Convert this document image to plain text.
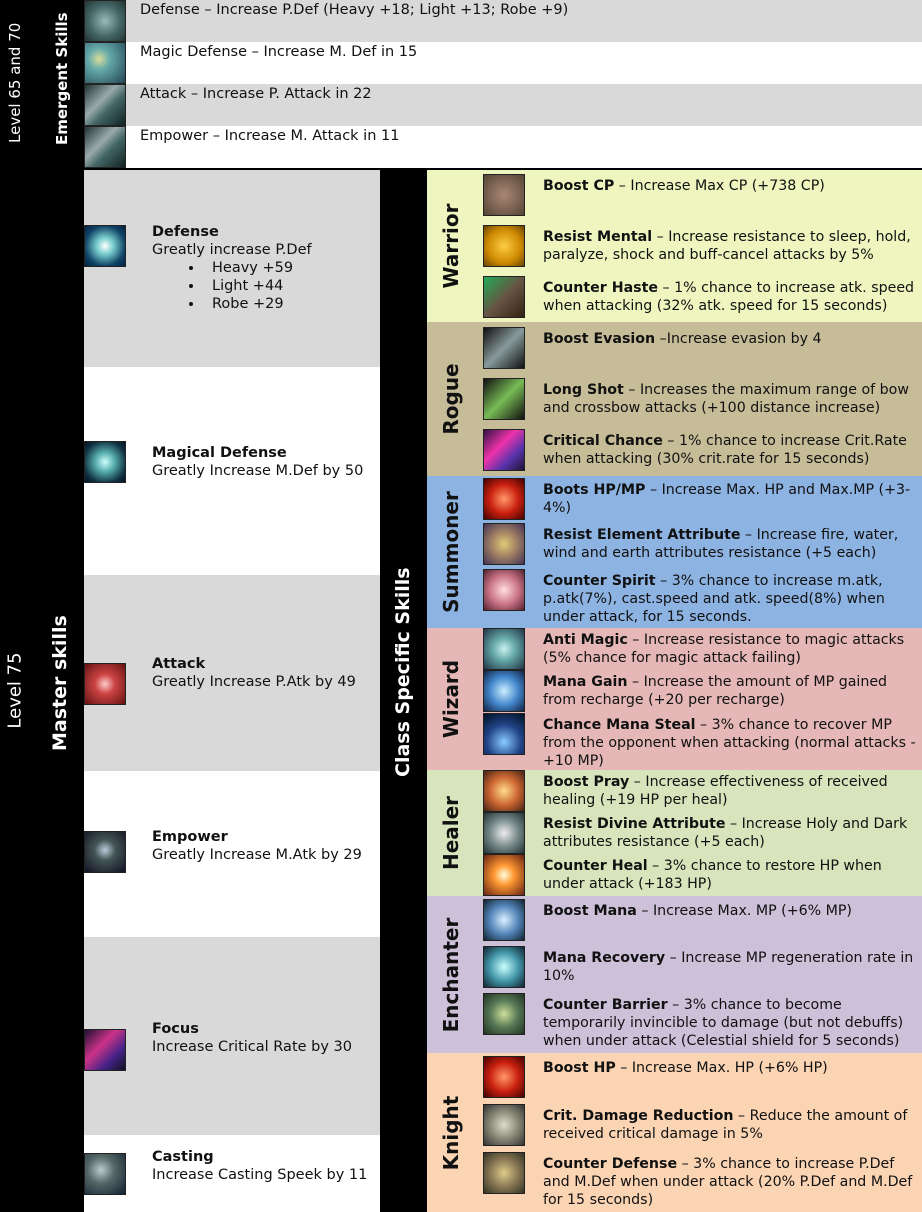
Level 65 and 70 Emergent Skills
Defense – Increase P.Def (Heavy +18; Light +13; Robe +9)
Magic Defense – Increase M. Def in 15
Attack – Increase P. Attack in 22
Empower – Increase M. Attack in 11
Level 75 Master skills
Defense
Greatly increase P.Def
• Heavy +59
• Light +44
• Robe +29
Magical Defense
Greatly Increase M.Def by 50
Attack
Greatly Increase P.Atk by 49
Empower
Greatly Increase M.Atk by 29
Focus
Increase Critical Rate by 30
Casting
Increase Casting Speek by 11
Class Specific Skills
Warrior
Boost CP – Increase Max CP (+738 CP)
Resist Mental – Increase resistance to sleep, hold, paralyze, shock and buff-cancel attacks by 5%
Counter Haste – 1% chance to increase atk. speed when attacking (32% atk. speed for 15 seconds)
Rogue
Boost Evasion –Increase evasion by 4
Long Shot – Increases the maximum range of bow and crossbow attacks (+100 distance increase)
Critical Chance – 1% chance to increase Crit.Rate when attacking (30% crit.rate for 15 seconds)
Summoner
Boots HP/MP – Increase Max. HP and Max.MP (+3-4%)
Resist Element Attribute – Increase fire, water, wind and earth attributes resistance (+5 each)
Counter Spirit – 3% chance to increase m.atk, p.atk(7%), cast.speed and atk. speed(8%) when under attack, for 15 seconds.
Wizard
Anti Magic – Increase resistance to magic attacks (5% chance for magic attack failing)
Mana Gain – Increase the amount of MP gained from recharge (+20 per recharge)
Chance Mana Steal – 3% chance to recover MP from the opponent when attacking (normal attacks - +10 MP)
Healer
Boost Pray – Increase effectiveness of received healing (+19 HP per heal)
Resist Divine Attribute – Increase Holy and Dark attributes resistance (+5 each)
Counter Heal – 3% chance to restore HP when under attack (+183 HP)
Enchanter
Boost Mana – Increase Max. MP (+6% MP)
Mana Recovery – Increase MP regeneration rate in 10%
Counter Barrier – 3% chance to become temporarily invincible to damage (but not debuffs) when under attack (Celestial shield for 5 seconds)
Knight
Boost HP – Increase Max. HP (+6% HP)
Crit. Damage Reduction – Reduce the amount of received critical damage in 5%
Counter Defense – 3% chance to increase P.Def and M.Def when under attack (20% P.Def and M.Def for 15 seconds)
